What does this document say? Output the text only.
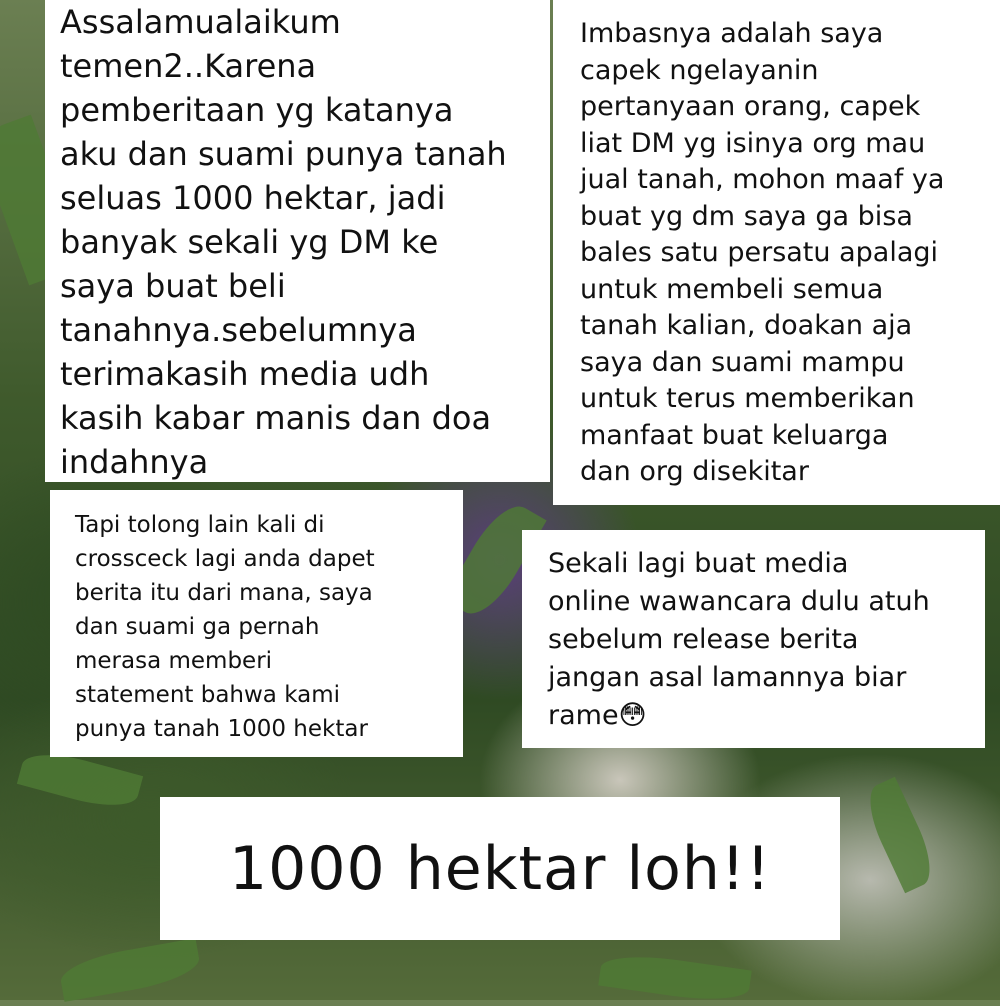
Assalamualaikum
temen2..Karena
pemberitaan yg katanya
aku dan suami punya tanah
seluas 1000 hektar, jadi
banyak sekali yg DM ke
saya buat beli
tanahnya.sebelumnya
terimakasih media udh
kasih kabar manis dan doa
indahnya

Imbasnya adalah saya
capek ngelayanin
pertanyaan orang, capek
liat DM yg isinya org mau
jual tanah, mohon maaf ya
buat yg dm saya ga bisa
bales satu persatu apalagi
untuk membeli semua
tanah kalian, doakan aja
saya dan suami mampu
untuk terus memberikan
manfaat buat keluarga
dan org disekitar

Tapi tolong lain kali di
crossceck lagi anda dapet
berita itu dari mana, saya
dan suami ga pernah
merasa memberi
statement bahwa kami
punya tanah 1000 hektar

Sekali lagi buat media
online wawancara dulu atuh
sebelum release berita
jangan asal lamannya biar
rame😳

1000 hektar loh!!
